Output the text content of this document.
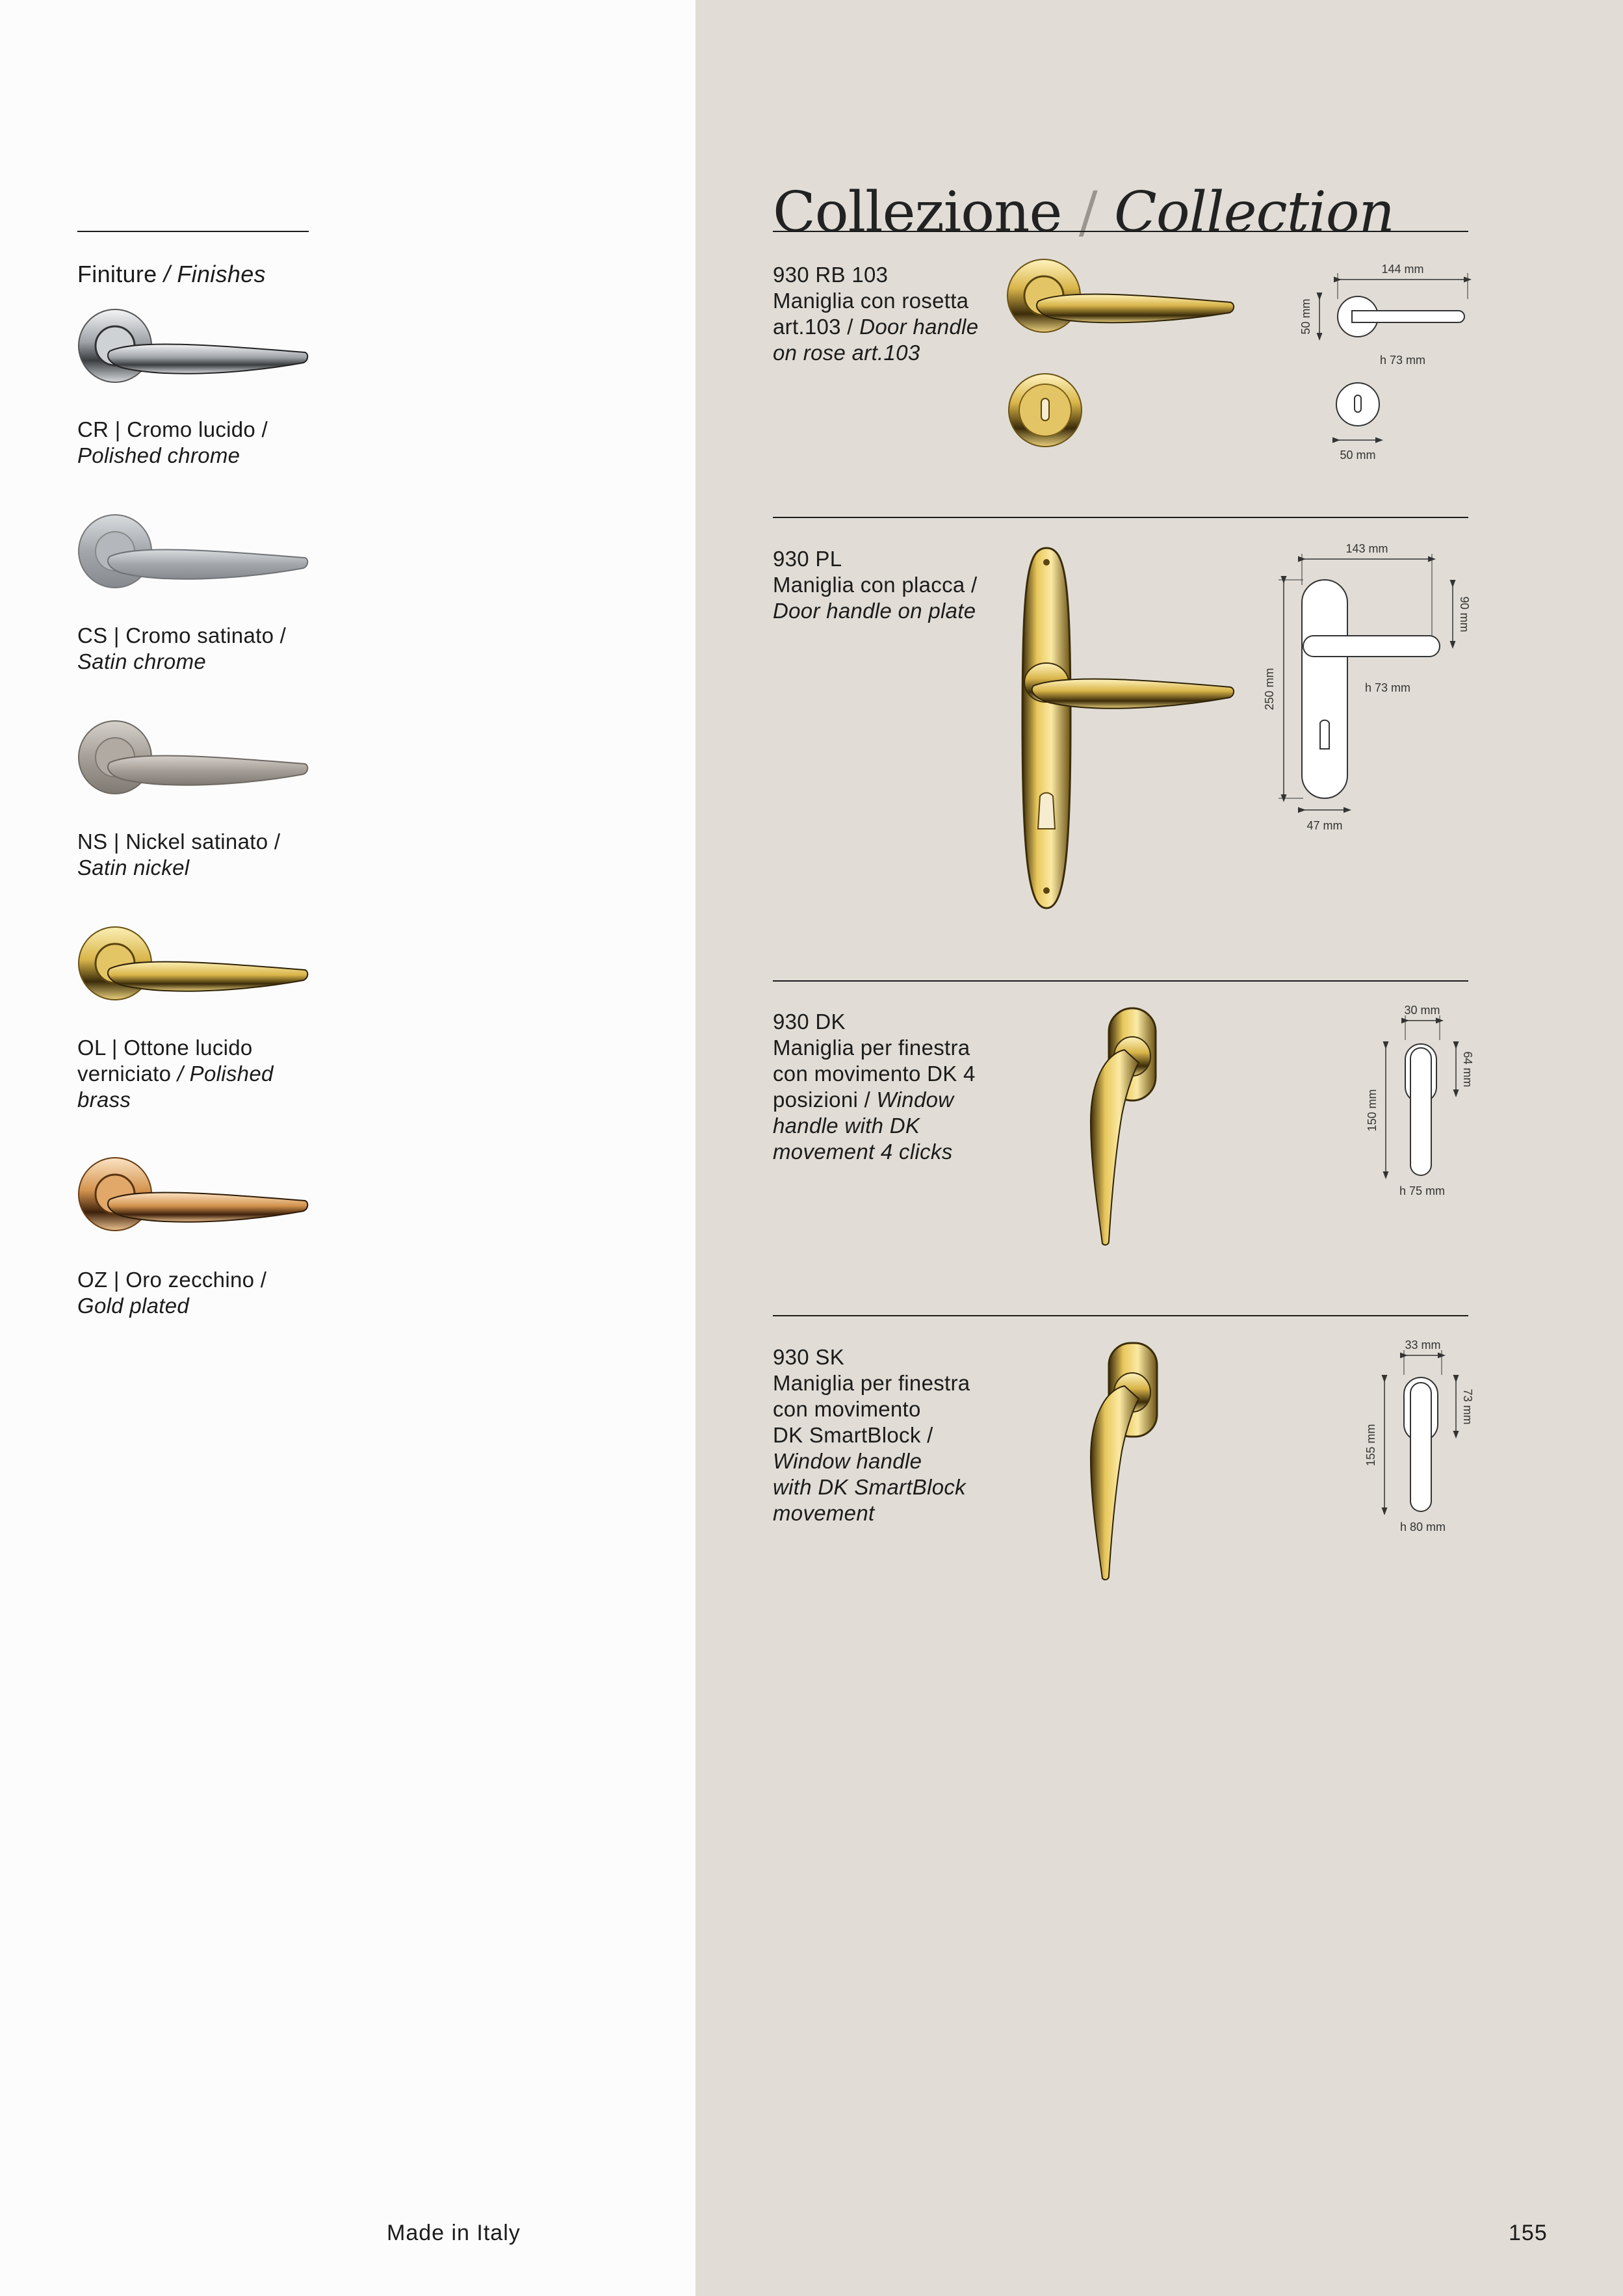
Finiture / Finishes
CR | Cromo lucido /
Polished chrome
CS | Cromo satinato /
Satin chrome
NS | Nickel satinato /
Satin nickel
OL | Ottone lucido
verniciato / Polished
brass
OZ | Oro zecchino /
Gold plated
Collezione / Collection
930 RB 103
Maniglia con rosetta
art.103 / Door handle
on rose art.103
144 mm
50 mm
h 73 mm
50 mm
930 PL
Maniglia con placca /
Door handle on plate
143 mm
90 mm
250 mm	h 73 mm
47 mm
930 DK
Maniglia per finestra
con movimento DK 4
posizioni / Window
handle with DK
movement 4 clicks
30 mm
64 mm
150 mm
h 75 mm
930 SK
Maniglia per finestra
con movimento
DK SmartBlock /
Window handle
with DK SmartBlock
movement
33 mm
73 mm
155 mm
h 80 mm
Made in Italy	155
